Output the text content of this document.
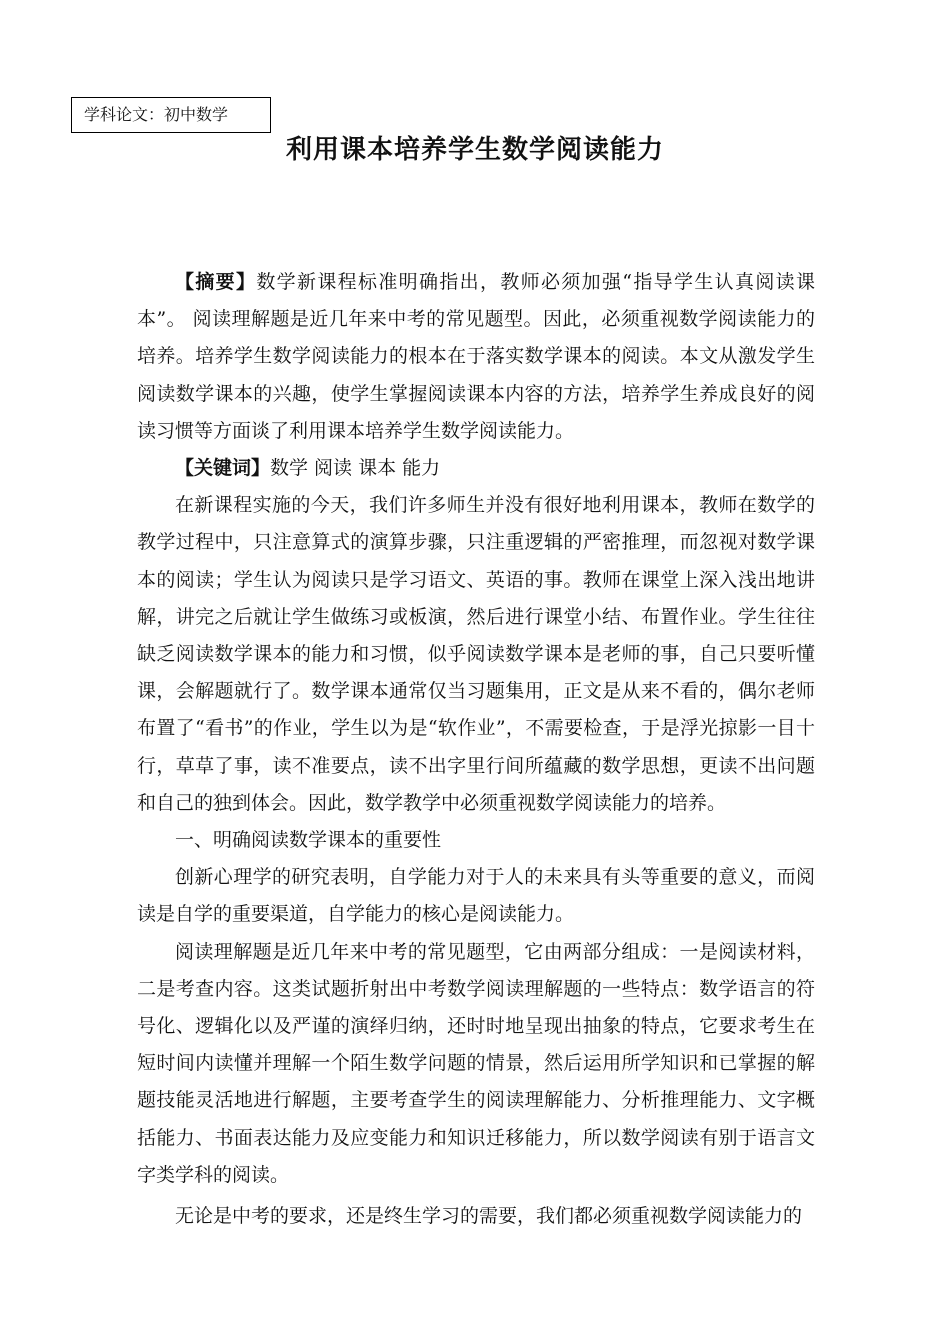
学科论文：初中数学
利用课本培养学生数学阅读能力

【摘要】数学新课程标准明确指出，教师必须加强“指导学生认真阅读课本”。 阅读理解题是近几年来中考的常见题型。因此，必须重视数学阅读能力的培养。培养学生数学阅读能力的根本在于落实数学课本的阅读。本文从激发学生阅读数学课本的兴趣，使学生掌握阅读课本内容的方法，培养学生养成良好的阅读习惯等方面谈了利用课本培养学生数学阅读能力。

【关键词】数学 阅读 课本 能力

在新课程实施的今天，我们许多师生并没有很好地利用课本，教师在数学的教学过程中，只注意算式的演算步骤，只注重逻辑的严密推理，而忽视对数学课本的阅读；学生认为阅读只是学习语文、英语的事。教师在课堂上深入浅出地讲解，讲完之后就让学生做练习或板演，然后进行课堂小结、布置作业。学生往往缺乏阅读数学课本的能力和习惯，似乎阅读数学课本是老师的事，自己只要听懂课，会解题就行了。数学课本通常仅当习题集用，正文是从来不看的，偶尔老师布置了“看书”的作业，学生以为是“软作业”，不需要检查，于是浮光掠影一目十行，草草了事，读不准要点，读不出字里行间所蕴藏的数学思想，更读不出问题和自己的独到体会。因此，数学教学中必须重视数学阅读能力的培养。

一、明确阅读数学课本的重要性

创新心理学的研究表明，自学能力对于人的未来具有头等重要的意义，而阅读是自学的重要渠道，自学能力的核心是阅读能力。

阅读理解题是近几年来中考的常见题型，它由两部分组成：一是阅读材料，二是考查内容。这类试题折射出中考数学阅读理解题的一些特点：数学语言的符号化、逻辑化以及严谨的演绎归纳，还时时地呈现出抽象的特点，它要求考生在短时间内读懂并理解一个陌生数学问题的情景，然后运用所学知识和已掌握的解题技能灵活地进行解题，主要考查学生的阅读理解能力、分析推理能力、文字概括能力、书面表达能力及应变能力和知识迁移能力，所以数学阅读有别于语言文字类学科的阅读。

无论是中考的要求，还是终生学习的需要，我们都必须重视数学阅读能力的
